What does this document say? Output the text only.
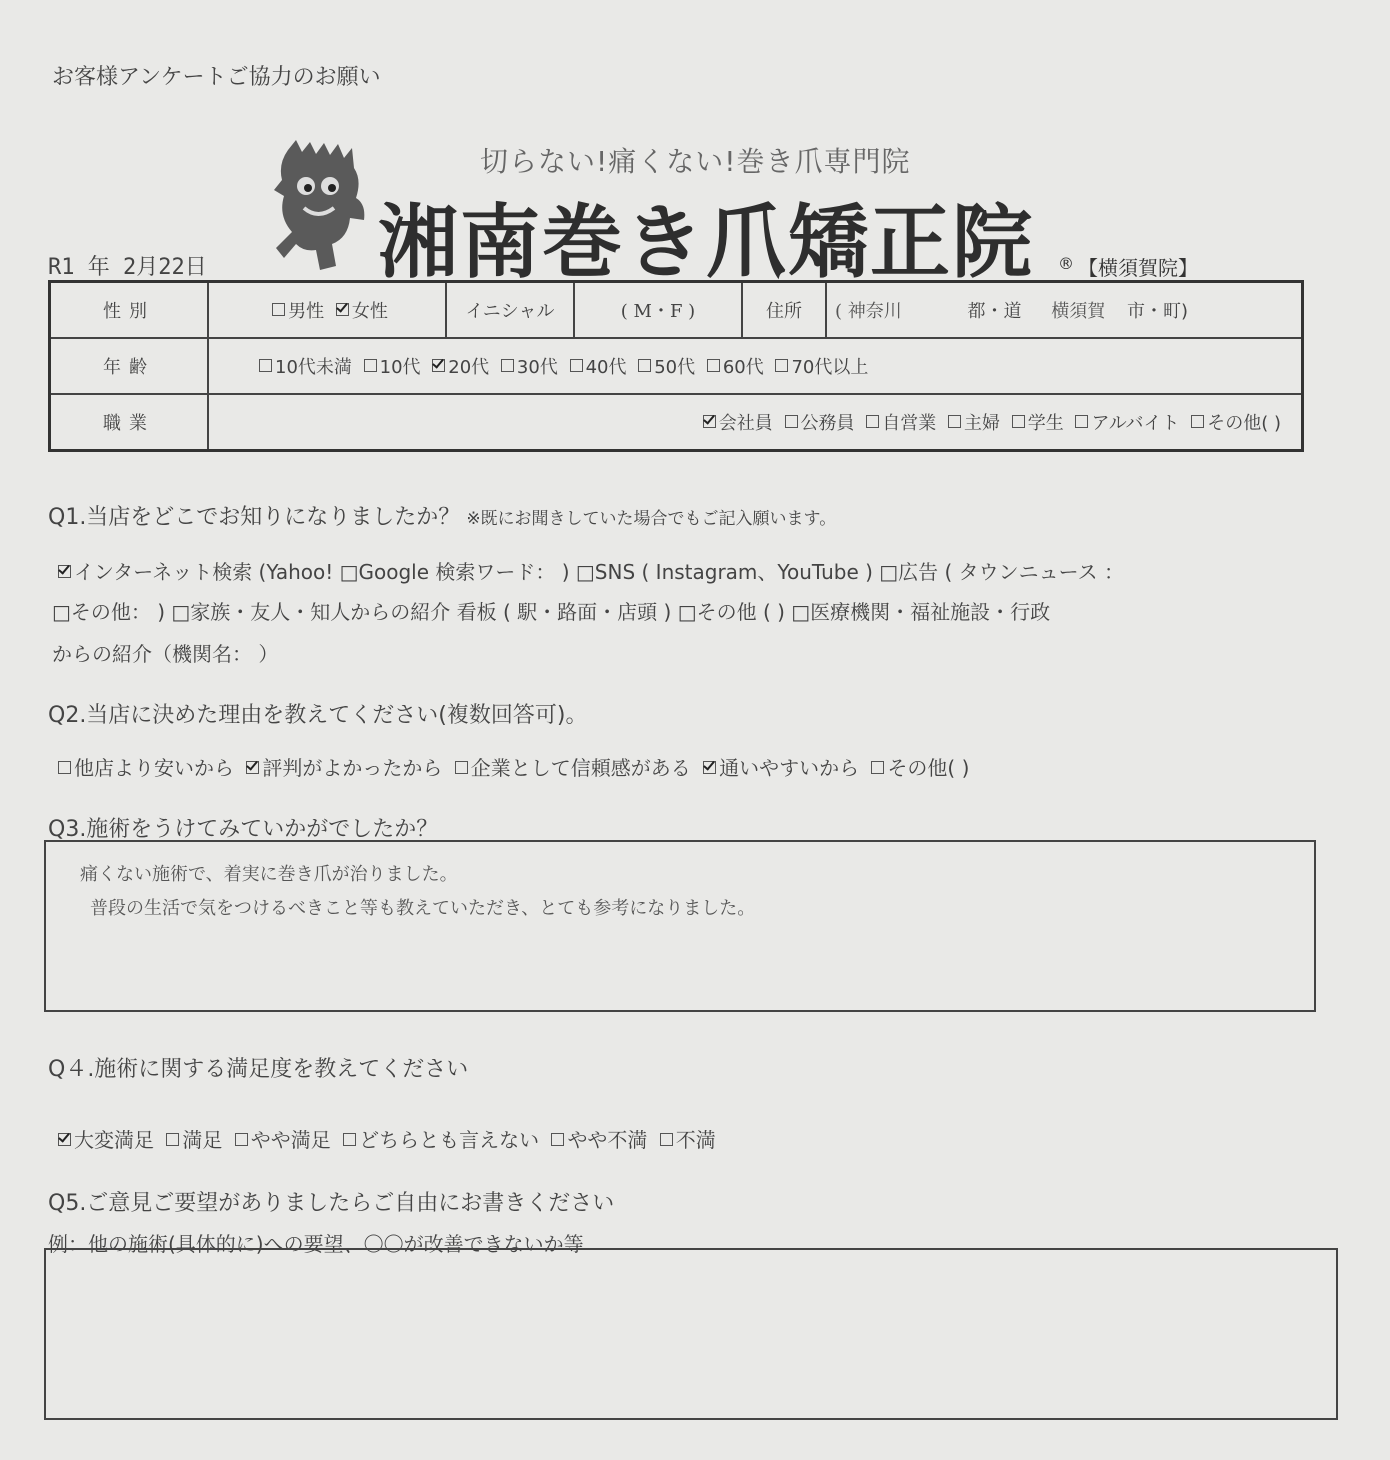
お客様アンケートご協力のお願い
切らない!痛くない!巻き爪専門院
湘南巻き爪矯正院 ® 【横須賀院】
R1 年 2月22日
性別	男性 女性	イニシャル	( M・F )	住所	( 神奈川 都・道 横須賀 市・町)
年齢	10代未満 10代 20代 30代 40代 50代 60代 70代以上				
職業	会社員 公務員 自営業 主婦 学生 アルバイト その他( )				
Q1.当店をどこでお知りになりましたか？ ※既にお聞きしていた場合でもご記入願います。
インターネット検索 (Yahoo! □Google 検索ワード： ) □SNS ( Instagram、YouTube ) □広告 ( タウンニュース ：
□その他： ) □家族・友人・知人からの紹介 看板 ( 駅・路面・店頭 ) □その他 ( ) □医療機関・福祉施設・行政
からの紹介（機関名： ）
Q2.当店に決めた理由を教えてください(複数回答可)。
他店より安いから 評判がよかったから 企業として信頼感がある 通いやすいから その他( )
Q3.施術をうけてみていかがでしたか？
痛くない施術で、着実に巻き爪が治りました。
普段の生活で気をつけるべきこと等も教えていただき、とても参考になりました。
Q４.施術に関する満足度を教えてください
大変満足 満足 やや満足 どちらとも言えない やや不満 不満
Q5.ご意見ご要望がありましたらご自由にお書きください
例：他の施術(具体的に)への要望、〇〇が改善できないか等
